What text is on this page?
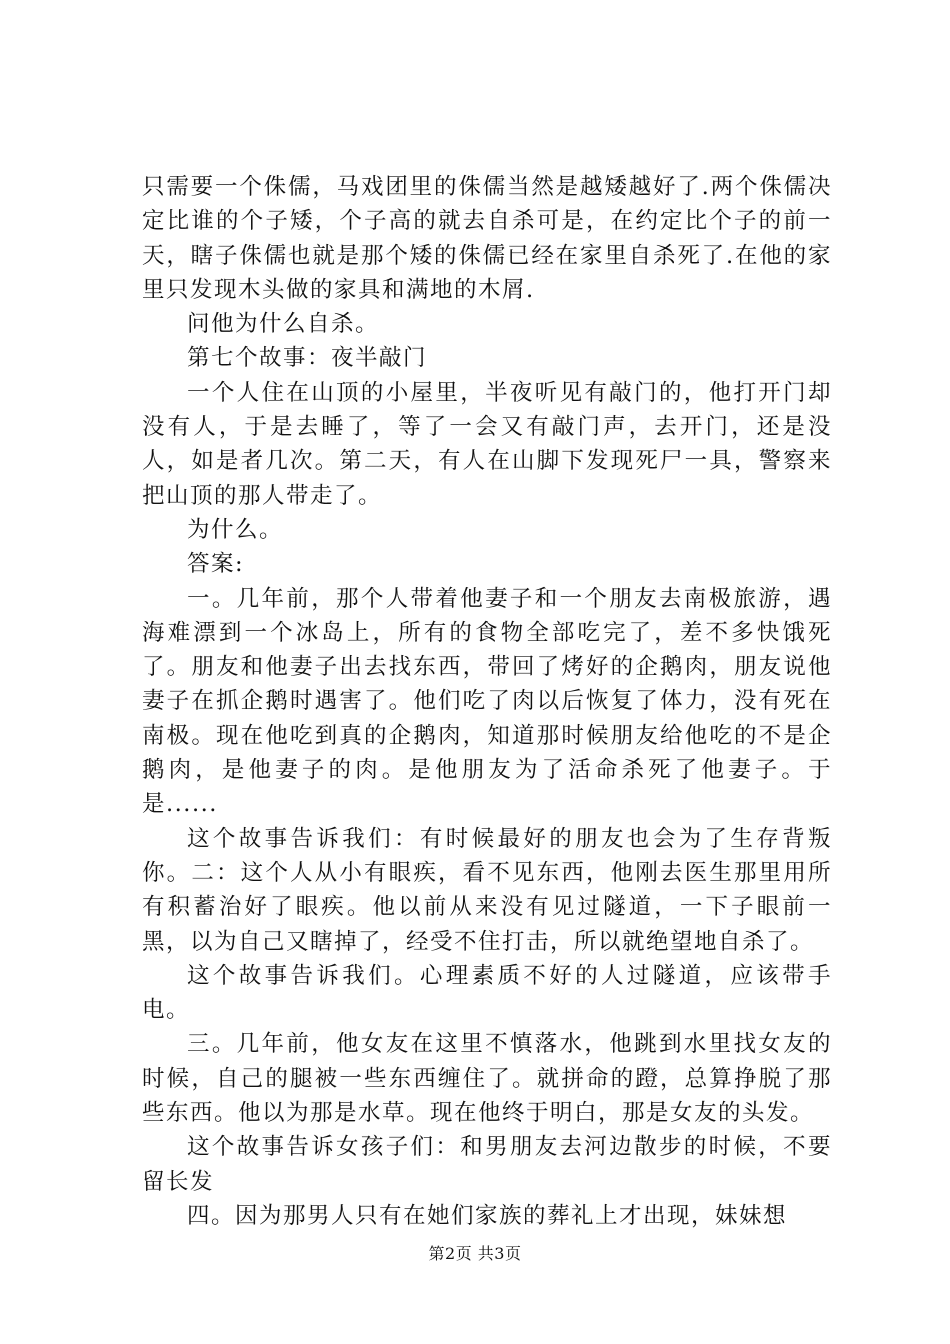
只需要一个侏儒，马戏团里的侏儒当然是越矮越好了.两个侏儒决定比谁的个子矮，个子高的就去自杀可是，在约定比个子的前一天，瞎子侏儒也就是那个矮的侏儒已经在家里自杀死了.在他的家里只发现木头做的家具和满地的木屑.

问他为什么自杀。

第七个故事：夜半敲门

一个人住在山顶的小屋里，半夜听见有敲门的，他打开门却没有人，于是去睡了，等了一会又有敲门声，去开门，还是没人，如是者几次。第二天，有人在山脚下发现死尸一具，警察来把山顶的那人带走了。

为什么。

答案:

一。几年前，那个人带着他妻子和一个朋友去南极旅游，遇海难漂到一个冰岛上，所有的食物全部吃完了，差不多快饿死了。朋友和他妻子出去找东西，带回了烤好的企鹅肉，朋友说他妻子在抓企鹅时遇害了。他们吃了肉以后恢复了体力，没有死在南极。现在他吃到真的企鹅肉，知道那时候朋友给他吃的不是企鹅肉，是他妻子的肉。是他朋友为了活命杀死了他妻子。于是......

这个故事告诉我们：有时候最好的朋友也会为了生存背叛你。二：这个人从小有眼疾，看不见东西，他刚去医生那里用所有积蓄治好了眼疾。他以前从来没有见过隧道，一下子眼前一黑，以为自己又瞎掉了，经受不住打击，所以就绝望地自杀了。

这个故事告诉我们。心理素质不好的人过隧道，应该带手电。

三。几年前，他女友在这里不慎落水，他跳到水里找女友的时候，自己的腿被一些东西缠住了。就拼命的蹬，总算挣脱了那些东西。他以为那是水草。现在他终于明白，那是女友的头发。

这个故事告诉女孩子们：和男朋友去河边散步的时候，不要留长发

四。因为那男人只有在她们家族的葬礼上才出现，妹妹想

第2页 共3页
